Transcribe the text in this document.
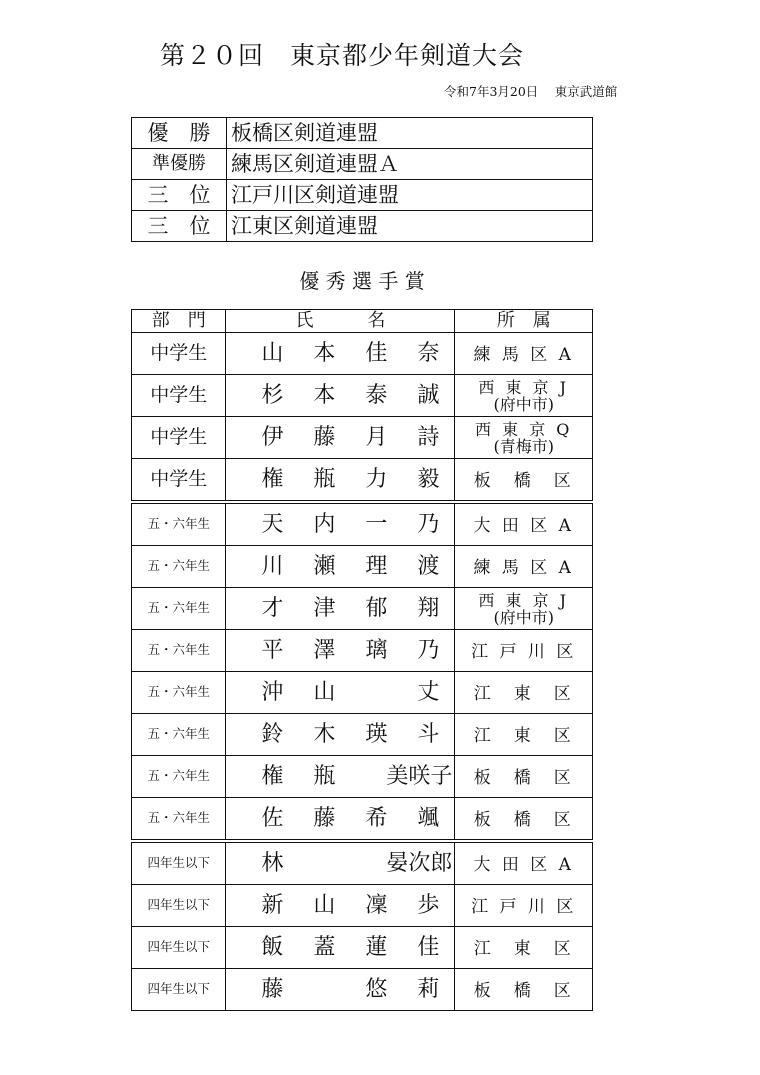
第２０回　東京都少年剣道大会
令和7年3月20日　 東京武道館
優　勝	板橋区剣道連盟
準優勝	練馬区剣道連盟Ａ
三　位	江戸川区剣道連盟
三　位	江東区剣道連盟
優 秀 選 手 賞
部　門	氏　　　名	所　属
中学生	山 本 佳 奈	練 馬 区 A
中学生	杉 本 泰 誠	西 東 京 J
(府中市)

中学生	伊 藤 月 詩	西 東 京 Q
(青梅市)

中学生	権 瓶 力 毅	板　橋　区
五・六年生	天 内 一 乃	大 田 区 A
五・六年生	川 瀬 理 渡	練 馬 区 A
五・六年生	才 津 郁 翔	西 東 京 J
(府中市)

五・六年生	平 澤 璃 乃	江 戸 川 区
五・六年生	沖 山 丈	江　東　区
五・六年生	鈴 木 瑛 斗	江　東　区
五・六年生	権 瓶 美咲子	板　橋　区
五・六年生	佐 藤 希 颯	板　橋　区
四年生以下	林 晏次郎	大 田 区 A
四年生以下	新 山 凜 歩	江 戸 川 区
四年生以下	飯 蓋 蓮 佳	江　東　区
四年生以下	藤 悠 莉	板　橋　区
